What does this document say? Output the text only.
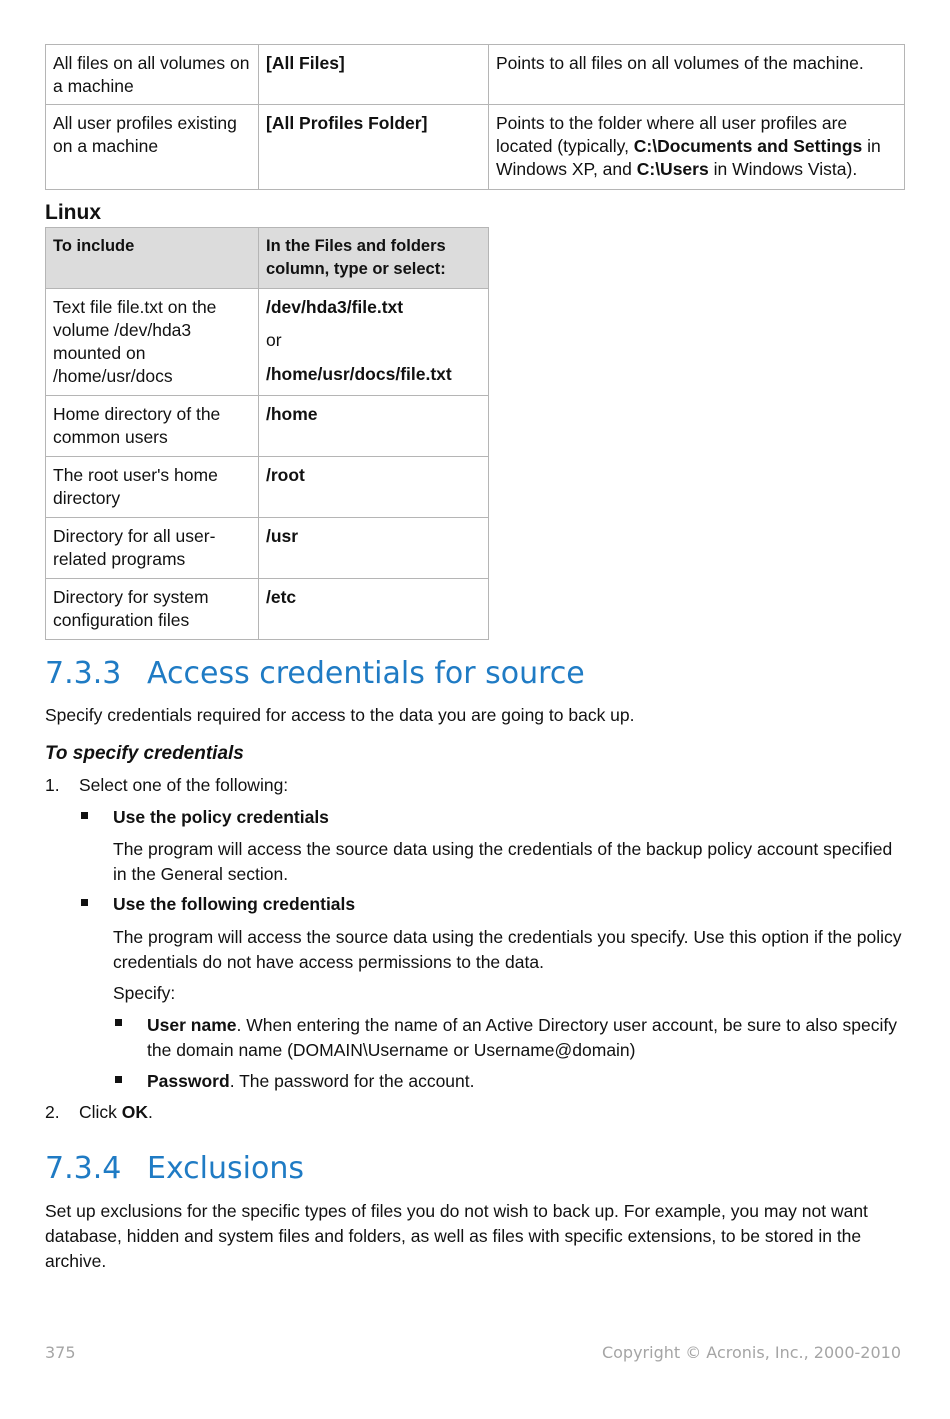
All files on all volumes on a machine	[All Files]	Points to all files on all volumes of the machine.
All user profiles existing on a machine	[All Profiles Folder]	Points to the folder where all user profiles are located (typically, C:\Documents and Settings in Windows XP, and C:\Users in Windows Vista).
Linux
To include	In the Files and folders column, type or select:
Text file file.txt on the volume /dev/hda3 mounted on /home/usr/docs	/dev/hda3/file.txt

or

/home/usr/docs/file.txt

Home directory of the common users	/home
The root user's home directory	/root
Directory for all user-related programs	/usr
Directory for system configuration files	/etc
7.3.3 Access credentials for source
Specify credentials required for access to the data you are going to back up.
To specify credentials
1. Select one of the following:
Use the policy credentials
The program will access the source data using the credentials of the backup policy account specified in the General section.
Use the following credentials
The program will access the source data using the credentials you specify. Use this option if the policy credentials do not have access permissions to the data.
Specify:
User name. When entering the name of an Active Directory user account, be sure to also specify the domain name (DOMAIN\Username or Username@domain)
Password. The password for the account.
2. Click OK.
7.3.4 Exclusions
Set up exclusions for the specific types of files you do not wish to back up. For example, you may not want database, hidden and system files and folders, as well as files with specific extensions, to be stored in the archive.
375	Copyright © Acronis, Inc., 2000-2010
